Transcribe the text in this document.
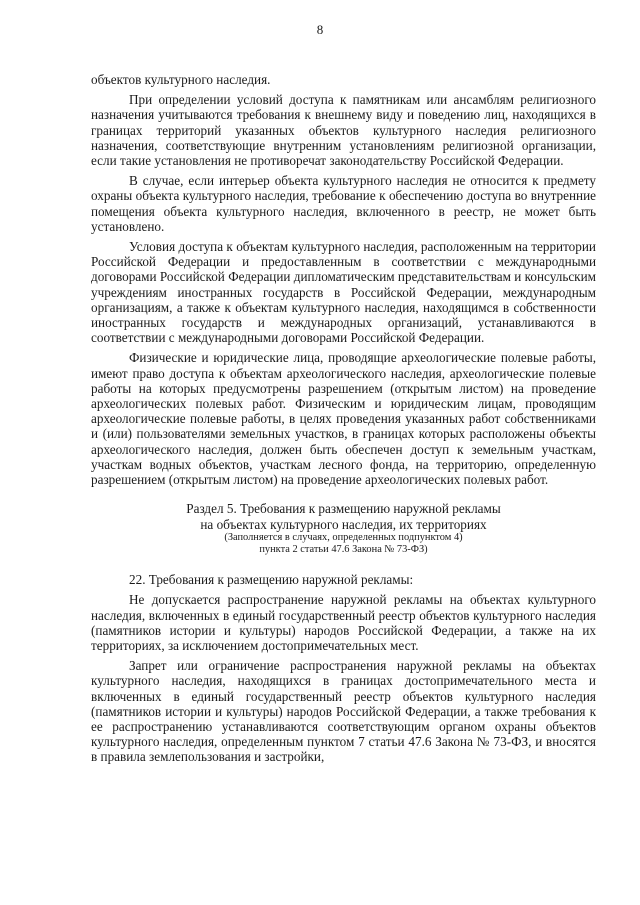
8

объектов культурного наследия.

При определении условий доступа к памятникам или ансамблям религиозного назначения учитываются требования к внешнему виду и поведению лиц, находящихся в границах территорий указанных объектов культурного наследия религиозного назначения, соответствующие внутренним установлениям религиозной организации, если такие установления не противоречат законодательству Российской Федерации.

В случае, если интерьер объекта культурного наследия не относится к предмету охраны объекта культурного наследия, требование к обеспечению доступа во внутренние помещения объекта культурного наследия, включенного в реестр, не может быть установлено.

Условия доступа к объектам культурного наследия, расположенным на территории Российской Федерации и предоставленным в соответствии с международными договорами Российской Федерации дипломатическим представительствам и консульским учреждениям иностранных государств в Российской Федерации, международным организациям, а также к объектам культурного наследия, находящимся в собственности иностранных государств и международных организаций, устанавливаются в соответствии с международными договорами Российской Федерации.

Физические и юридические лица, проводящие археологические полевые работы, имеют право доступа к объектам археологического наследия, археологические полевые работы на которых предусмотрены разрешением (открытым листом) на проведение археологических полевых работ. Физическим и юридическим лицам, проводящим археологические полевые работы, в целях проведения указанных работ собственниками и (или) пользователями земельных участков, в границах которых расположены объекты археологического наследия, должен быть обеспечен доступ к земельным участкам, участкам водных объектов, участкам лесного фонда, на территорию, определенную разрешением (открытым листом) на проведение археологических полевых работ.

Раздел 5. Требования к размещению наружной рекламы
на объектах культурного наследия, их территориях
(Заполняется в случаях, определенных подпунктом 4)
пункта 2 статьи 47.6 Закона № 73-ФЗ)

22. Требования к размещению наружной рекламы:

Не допускается распространение наружной рекламы на объектах культурного наследия, включенных в единый государственный реестр объектов культурного наследия (памятников истории и культуры) народов Российской Федерации, а также на их территориях, за исключением достопримечательных мест.

Запрет или ограничение распространения наружной рекламы на объектах культурного наследия, находящихся в границах достопримечательного места и включенных в единый государственный реестр объектов культурного наследия (памятников истории и культуры) народов Российской Федерации, а также требования к ее распространению устанавливаются соответствующим органом охраны объектов культурного наследия, определенным пунктом 7 статьи 47.6 Закона № 73-ФЗ, и вносятся в правила землепользования и застройки,
